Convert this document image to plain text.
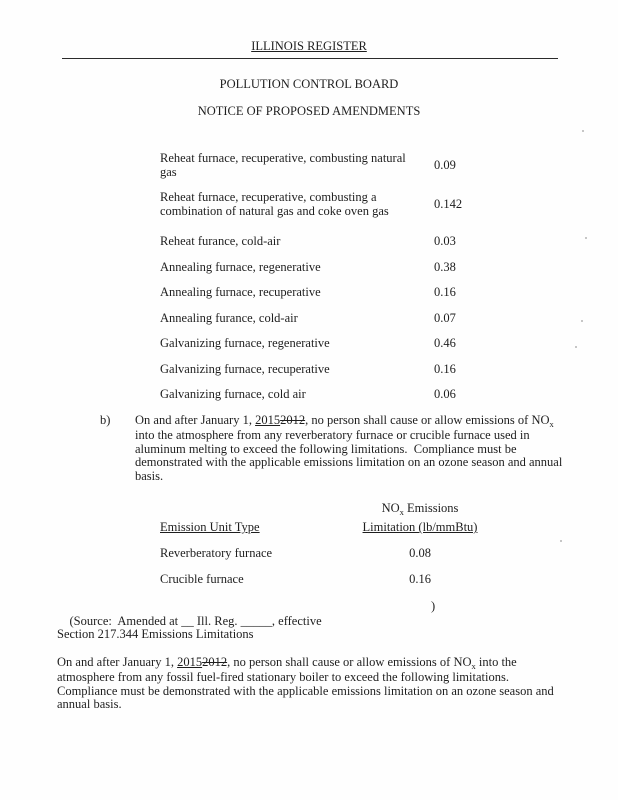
ILLINOIS REGISTER
POLLUTION CONTROL BOARD
NOTICE OF PROPOSED AMENDMENTS
Reheat furnace, recuperative, combusting natural gas	0.09
Reheat furnace, recuperative, combusting a combination of natural gas and coke oven gas	0.142
Reheat furance, cold-air	0.03
Annealing furnace, regenerative	0.38
Annealing furnace, recuperative	0.16
Annealing furance, cold-air	0.07
Galvanizing furnace, regenerative	0.46
Galvanizing furnace, recuperative	0.16
Galvanizing furnace, cold air	0.06
b)	On and after January 1, 20152012, no person shall cause or allow emissions of $NO_x$ into the atmosphere from any reverberatory furnace or crucible furnace used in aluminum melting to exceed the following limitations.  Compliance must be demonstrated with the applicable emissions limitation on an ozone season and annual basis.
$NO_x$ Emissions
Emission Unit Type	Limitation (lb/mmBtu)
Reverberatory furnace	0.08
Crucible furnace	0.16

(Source:  Amended at __ Ill. Reg. _____, effective

)

Section 217.344 Emissions Limitations
On and after January 1, 20152012, no person shall cause or allow emissions of $NO_x$ into the atmosphere from any fossil fuel-fired stationary boiler to exceed the following limitations.  Compliance must be demonstrated with the applicable emissions limitation on an ozone season and annual basis.
